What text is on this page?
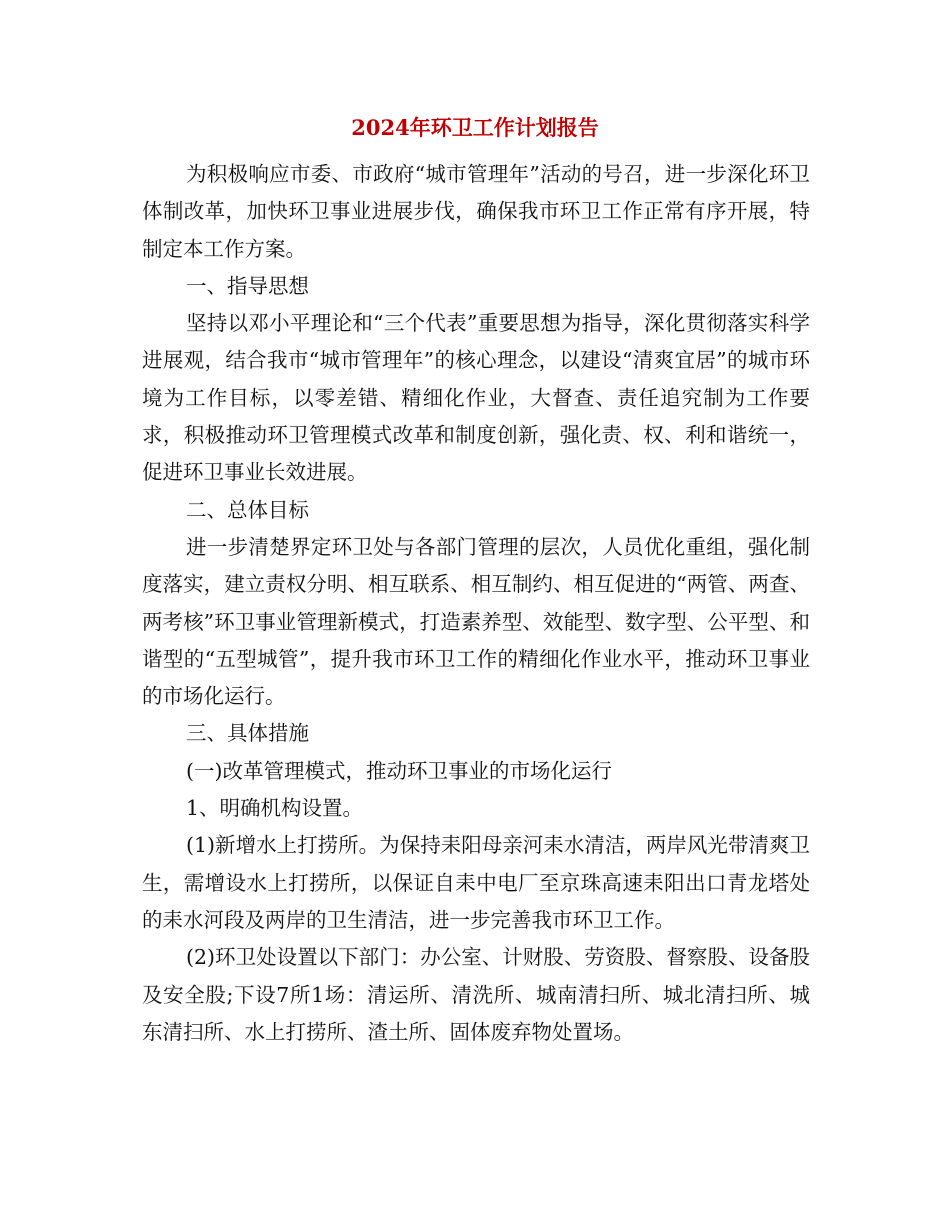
2024年环卫工作计划报告

为积极响应市委、市政府“城市管理年”活动的号召，进一步深化环卫体制改革，加快环卫事业进展步伐，确保我市环卫工作正常有序开展，特制定本工作方案。

一、指导思想

坚持以邓小平理论和“三个代表”重要思想为指导，深化贯彻落实科学进展观，结合我市“城市管理年”的核心理念，以建设“清爽宜居”的城市环境为工作目标，以零差错、精细化作业，大督查、责任追究制为工作要求，积极推动环卫管理模式改革和制度创新，强化责、权、利和谐统一，促进环卫事业长效进展。

二、总体目标

进一步清楚界定环卫处与各部门管理的层次，人员优化重组，强化制度落实，建立责权分明、相互联系、相互制约、相互促进的“两管、两查、两考核”环卫事业管理新模式，打造素养型、效能型、数字型、公平型、和谐型的“五型城管”，提升我市环卫工作的精细化作业水平，推动环卫事业的市场化运行。

三、具体措施

(一)改革管理模式，推动环卫事业的市场化运行

1、明确机构设置。

(1)新增水上打捞所。为保持耒阳母亲河耒水清洁，两岸风光带清爽卫生，需增设水上打捞所，以保证自耒中电厂至京珠高速耒阳出口青龙塔处的耒水河段及两岸的卫生清洁，进一步完善我市环卫工作。

(2)环卫处设置以下部门：办公室、计财股、劳资股、督察股、设备股及安全股;下设7所1场：清运所、清洗所、城南清扫所、城北清扫所、城东清扫所、水上打捞所、渣土所、固体废弃物处置场。
